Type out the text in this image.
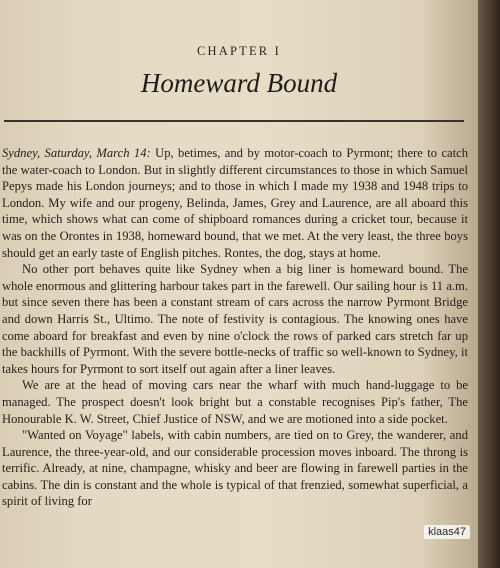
CHAPTER I
Homeward Bound

Sydney, Saturday, March 14: Up, betimes, and by motor-coach to Pyrmont; there to catch the water-coach to London. But in slightly different circumstances to those in which Samuel Pepys made his London journeys; and to those in which I made my 1938 and 1948 trips to London. My wife and our progeny, Belinda, James, Grey and Laurence, are all aboard this time, which shows what can come of shipboard romances during a cricket tour, because it was on the Orontes in 1938, homeward bound, that we met. At the very least, the three boys should get an early taste of English pitches. Rontes, the dog, stays at home.

No other port behaves quite like Sydney when a big liner is homeward bound. The whole enormous and glittering harbour takes part in the farewell. Our sailing hour is 11 a.m. but since seven there has been a constant stream of cars across the narrow Pyrmont Bridge and down Harris St., Ultimo. The note of festivity is contagious. The knowing ones have come aboard for breakfast and even by nine o'clock the rows of parked cars stretch far up the backhills of Pyrmont. With the severe bottle-necks of traffic so well-known to Sydney, it takes hours for Pyrmont to sort itself out again after a liner leaves.

We are at the head of moving cars near the wharf with much hand-luggage to be managed. The prospect doesn't look bright but a constable recognises Pip's father, The Honourable K. W. Street, Chief Justice of NSW, and we are motioned into a side pocket.

"Wanted on Voyage" labels, with cabin numbers, are tied on to Grey, the wanderer, and Laurence, the three-year-old, and our considerable procession moves inboard. The throng is terrific. Already, at nine, champagne, whisky and beer are flowing in farewell parties in the cabins. The din is constant and the whole is typical of that frenzied, somewhat superficial, a spirit of living for

klaas47
